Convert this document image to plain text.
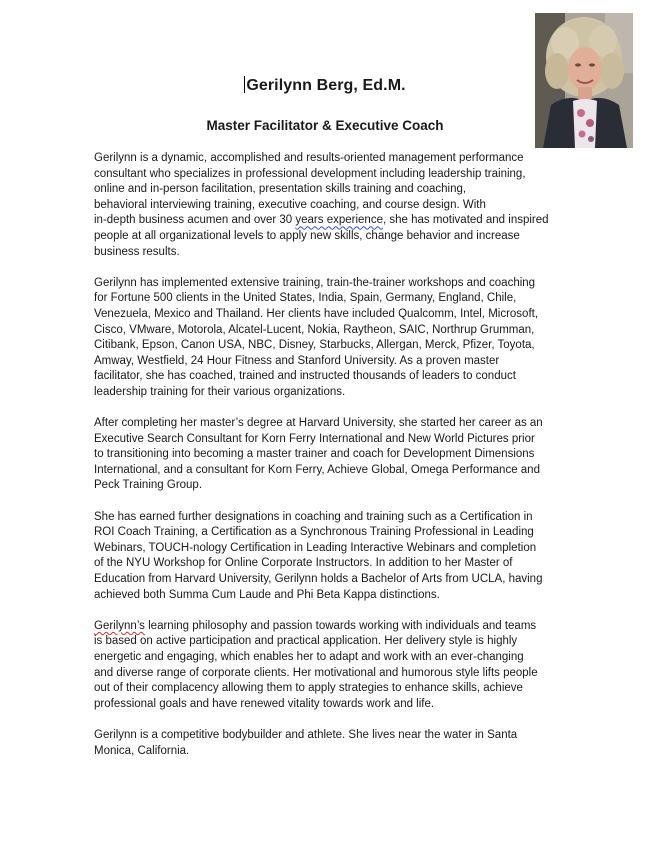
Gerilynn Berg, Ed.M.
Master Facilitator & Executive Coach

Gerilynn is a dynamic, accomplished and results-oriented management performance
consultant who specializes in professional development including leadership training,
online and in-person facilitation, presentation skills training and coaching,
behavioral interviewing training, executive coaching, and course design. With
in-depth business acumen and over 30 years experience, she has motivated and inspired
people at all organizational levels to apply new skills, change behavior and increase
business results.

Gerilynn has implemented extensive training, train-the-trainer workshops and coaching
for Fortune 500 clients in the United States, India, Spain, Germany, England, Chile,
Venezuela, Mexico and Thailand. Her clients have included Qualcomm, Intel, Microsoft,
Cisco, VMware, Motorola, Alcatel-Lucent, Nokia, Raytheon, SAIC, Northrup Grumman,
Citibank, Epson, Canon USA, NBC, Disney, Starbucks, Allergan, Merck, Pfizer, Toyota,
Amway, Westfield, 24 Hour Fitness and Stanford University. As a proven master
facilitator, she has coached, trained and instructed thousands of leaders to conduct
leadership training for their various organizations.

After completing her master’s degree at Harvard University, she started her career as an
Executive Search Consultant for Korn Ferry International and New World Pictures prior
to transitioning into becoming a master trainer and coach for Development Dimensions
International, and a consultant for Korn Ferry, Achieve Global, Omega Performance and
Peck Training Group.

She has earned further designations in coaching and training such as a Certification in
ROI Coach Training, a Certification as a Synchronous Training Professional in Leading
Webinars, TOUCH-nology Certification in Leading Interactive Webinars and completion
of the NYU Workshop for Online Corporate Instructors. In addition to her Master of
Education from Harvard University, Gerilynn holds a Bachelor of Arts from UCLA, having
achieved both Summa Cum Laude and Phi Beta Kappa distinctions.

Gerilynn’s learning philosophy and passion towards working with individuals and teams
is based on active participation and practical application. Her delivery style is highly
energetic and engaging, which enables her to adapt and work with an ever-changing
and diverse range of corporate clients. Her motivational and humorous style lifts people
out of their complacency allowing them to apply strategies to enhance skills, achieve
professional goals and have renewed vitality towards work and life.

Gerilynn is a competitive bodybuilder and athlete. She lives near the water in Santa
Monica, California.
